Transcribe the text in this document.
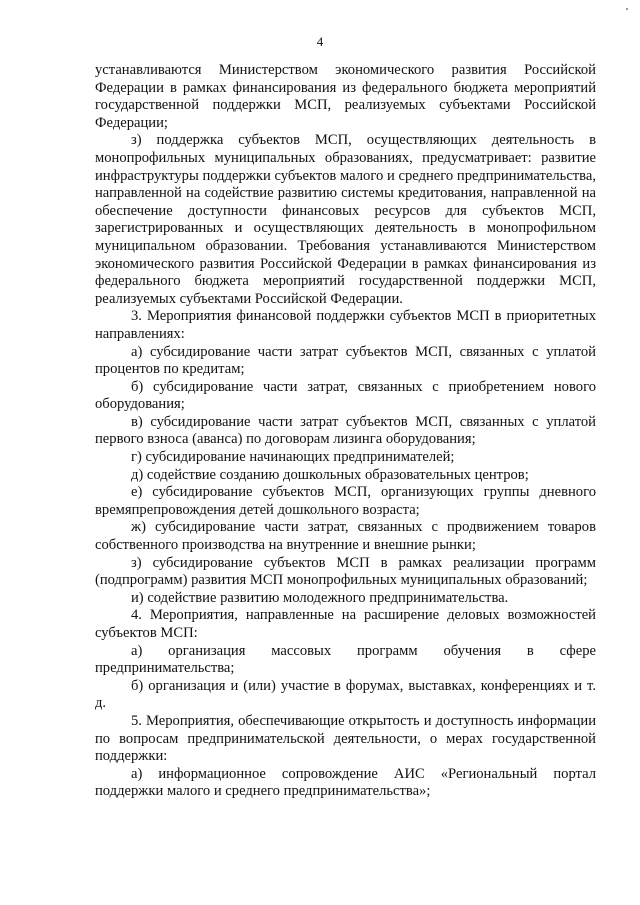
4

устанавливаются Министерством экономического развития Российской Федерации в рамках финансирования из федерального бюджета мероприятий государственной поддержки МСП, реализуемых субъектами Российской Федерации;

з) поддержка субъектов МСП, осуществляющих деятельность в монопрофильных муниципальных образованиях, предусматривает: развитие инфраструктуры поддержки субъектов малого и среднего предпринимательства, направленной на содействие развитию системы кредитования, направленной на обеспечение доступности финансовых ресурсов для субъектов МСП, зарегистрированных и осуществляющих деятельность в монопрофильном муниципальном образовании. Требования устанавливаются Министерством экономического развития Российской Федерации в рамках финансирования из федерального бюджета мероприятий государственной поддержки МСП, реализуемых субъектами Российской Федерации.

3. Мероприятия финансовой поддержки субъектов МСП в приоритетных направлениях:

а) субсидирование части затрат субъектов МСП, связанных с уплатой процентов по кредитам;

б) субсидирование части затрат, связанных с приобретением нового оборудования;

в) субсидирование части затрат субъектов МСП, связанных с уплатой первого взноса (аванса) по договорам лизинга оборудования;

г) субсидирование начинающих предпринимателей;

д) содействие созданию дошкольных образовательных центров;

е) субсидирование субъектов МСП, организующих группы дневного времяпрепровождения детей дошкольного возраста;

ж) субсидирование части затрат, связанных с продвижением товаров собственного производства на внутренние и внешние рынки;

з) субсидирование субъектов МСП в рамках реализации программ (подпрограмм) развития МСП монопрофильных муниципальных образований;

и) содействие развитию молодежного предпринимательства.

4. Мероприятия, направленные на расширение деловых возможностей субъектов МСП:

а) организация массовых программ обучения в сфере предпринимательства;

б) организация и (или) участие в форумах, выставках, конференциях и т. д.

5. Мероприятия, обеспечивающие открытость и доступность информации по вопросам предпринимательской деятельности, о мерах государственной поддержки:

а) информационное сопровождение АИС «Региональный портал поддержки малого и среднего предпринимательства»;
